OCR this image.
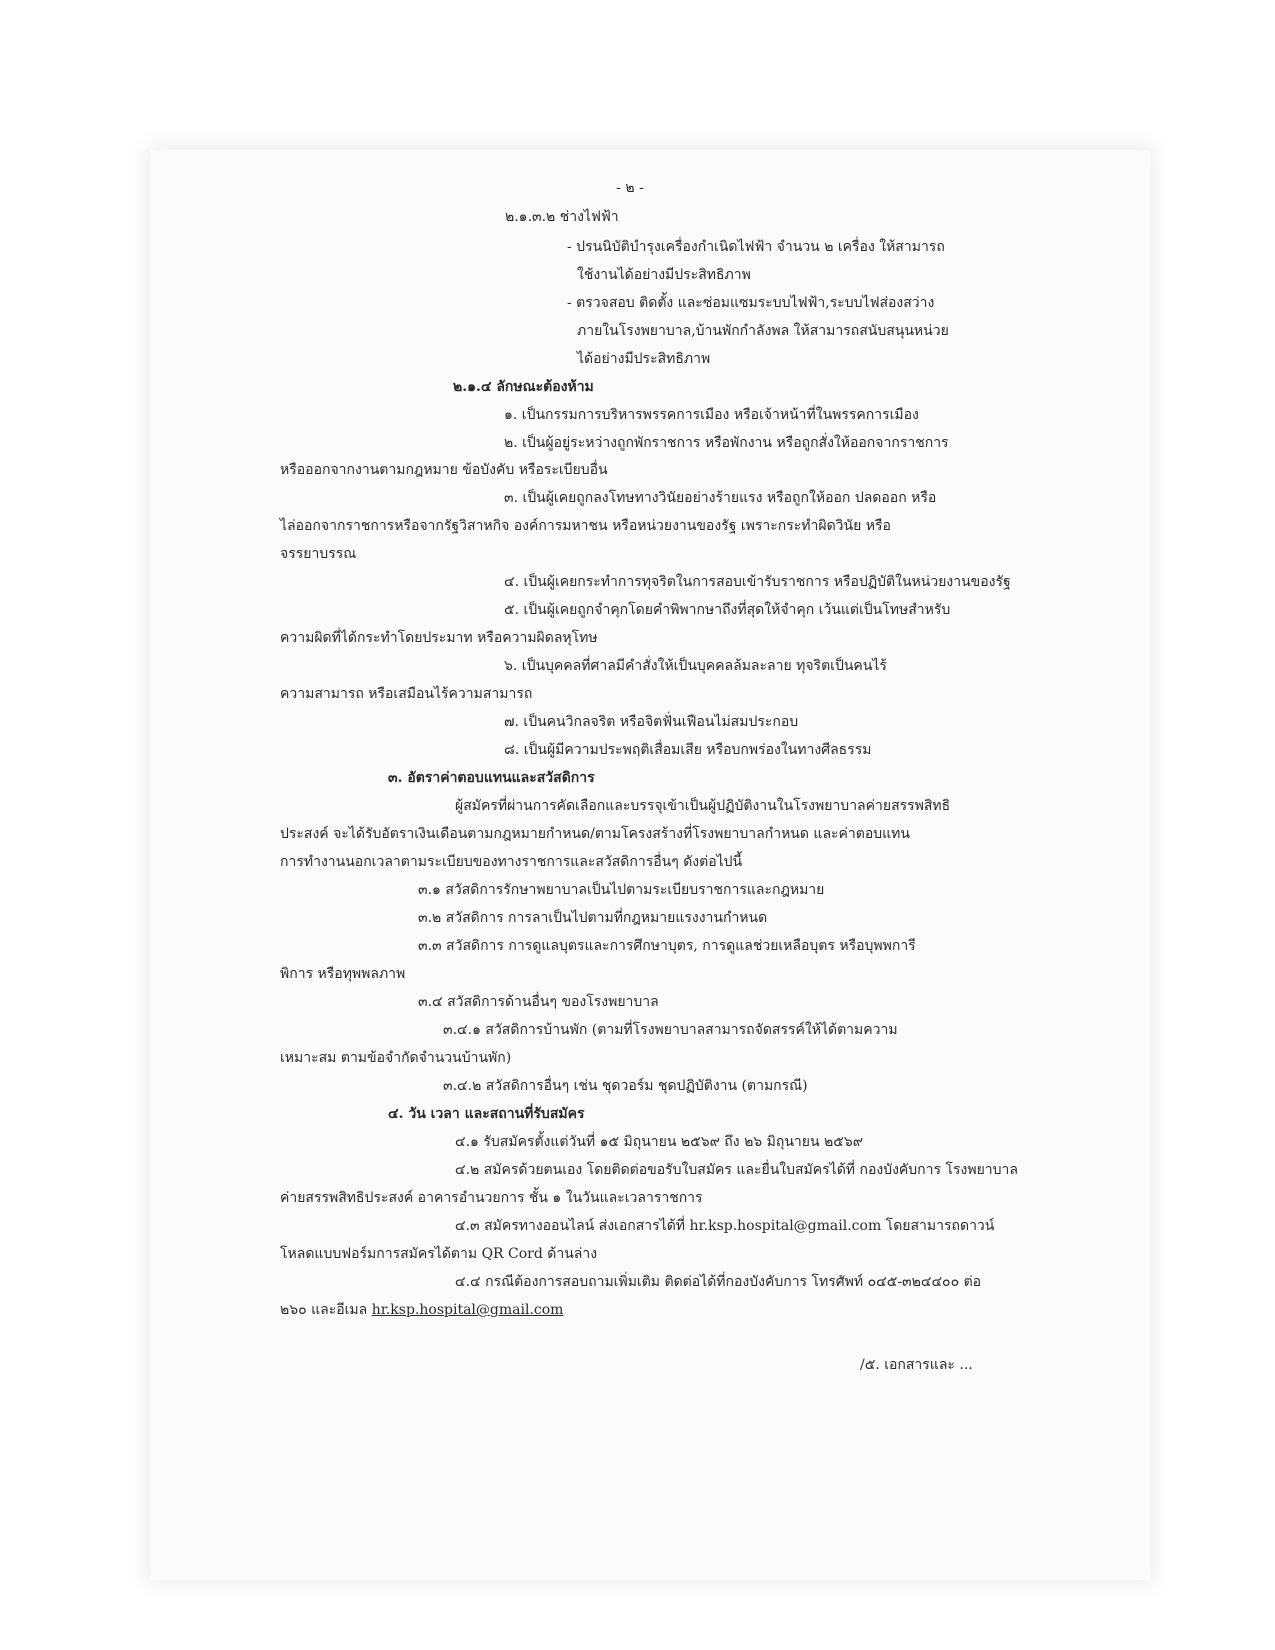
- ๒ -
๒.๑.๓.๒ ช่างไฟฟ้า
- ปรนนิบัติบำรุงเครื่องกำเนิดไฟฟ้า จำนวน ๒ เครื่อง ให้สามารถ
ใช้งานได้อย่างมีประสิทธิภาพ
- ตรวจสอบ ติดตั้ง และซ่อมแซมระบบไฟฟ้า,ระบบไฟส่องสว่าง
ภายในโรงพยาบาล,บ้านพักกำลังพล ให้สามารถสนับสนุนหน่วย
ได้อย่างมีประสิทธิภาพ
๒.๑.๔ ลักษณะต้องห้าม
๑. เป็นกรรมการบริหารพรรคการเมือง หรือเจ้าหน้าที่ในพรรคการเมือง
๒. เป็นผู้อยู่ระหว่างถูกพักราชการ หรือพักงาน หรือถูกสั่งให้ออกจากราชการ
หรือออกจากงานตามกฎหมาย ข้อบังคับ หรือระเบียบอื่น
๓. เป็นผู้เคยถูกลงโทษทางวินัยอย่างร้ายแรง หรือถูกให้ออก ปลดออก หรือ
ไล่ออกจากราชการหรือจากรัฐวิสาหกิจ องค์การมหาชน หรือหน่วยงานของรัฐ เพราะกระทำผิดวินัย หรือ
จรรยาบรรณ
๔. เป็นผู้เคยกระทำการทุจริตในการสอบเข้ารับราชการ หรือปฏิบัติในหน่วยงานของรัฐ
๕. เป็นผู้เคยถูกจำคุกโดยคำพิพากษาถึงที่สุดให้จำคุก เว้นแต่เป็นโทษสำหรับ
ความผิดที่ได้กระทำโดยประมาท หรือความผิดลหุโทษ
๖. เป็นบุคคลที่ศาลมีคำสั่งให้เป็นบุคคลล้มละลาย ทุจริตเป็นคนไร้
ความสามารถ หรือเสมือนไร้ความสามารถ
๗. เป็นคนวิกลจริต หรือจิตฟั่นเฟือนไม่สมประกอบ
๘. เป็นผู้มีความประพฤติเสื่อมเสีย หรือบกพร่องในทางศีลธรรม
๓. อัตราค่าตอบแทนและสวัสดิการ
ผู้สมัครที่ผ่านการคัดเลือกและบรรจุเข้าเป็นผู้ปฏิบัติงานในโรงพยาบาลค่ายสรรพสิทธิ
ประสงค์ จะได้รับอัตราเงินเดือนตามกฎหมายกำหนด/ตามโครงสร้างที่โรงพยาบาลกำหนด และค่าตอบแทน
การทำงานนอกเวลาตามระเบียบของทางราชการและสวัสดิการอื่นๆ ดังต่อไปนี้
๓.๑ สวัสดิการรักษาพยาบาลเป็นไปตามระเบียบราชการและกฎหมาย
๓.๒ สวัสดิการ การลาเป็นไปตามที่กฎหมายแรงงานกำหนด
๓.๓ สวัสดิการ การดูแลบุตรและการศึกษาบุตร, การดูแลช่วยเหลือบุตร หรือบุพพการี
พิการ หรือทุพพลภาพ
๓.๔ สวัสดิการด้านอื่นๆ ของโรงพยาบาล
๓.๔.๑ สวัสดิการบ้านพัก (ตามที่โรงพยาบาลสามารถจัดสรรค์ให้ได้ตามความ
เหมาะสม ตามข้อจำกัดจำนวนบ้านพัก)
๓.๔.๒ สวัสดิการอื่นๆ เช่น ชุดวอร์ม ชุดปฏิบัติงาน (ตามกรณี)
๔. วัน เวลา และสถานที่รับสมัคร
๔.๑ รับสมัครตั้งแต่วันที่ ๑๕ มิถุนายน ๒๕๖๙ ถึง ๒๖ มิถุนายน ๒๕๖๙
๔.๒ สมัครด้วยตนเอง โดยติดต่อขอรับใบสมัคร และยื่นใบสมัครได้ที่ กองบังคับการ โรงพยาบาล
ค่ายสรรพสิทธิประสงค์ อาคารอำนวยการ ชั้น ๑ ในวันและเวลาราชการ
๔.๓ สมัครทางออนไลน์ ส่งเอกสารได้ที่ hr.ksp.hospital@gmail.com โดยสามารถดาวน์
โหลดแบบฟอร์มการสมัครได้ตาม QR Cord ด้านล่าง
๔.๔ กรณีต้องการสอบถามเพิ่มเติม ติดต่อได้ที่กองบังคับการ โทรศัพท์ ๐๔๕-๓๒๔๔๐๐ ต่อ
๒๖๐ และอีเมล hr.ksp.hospital@gmail.com
/๕. เอกสารและ ...
